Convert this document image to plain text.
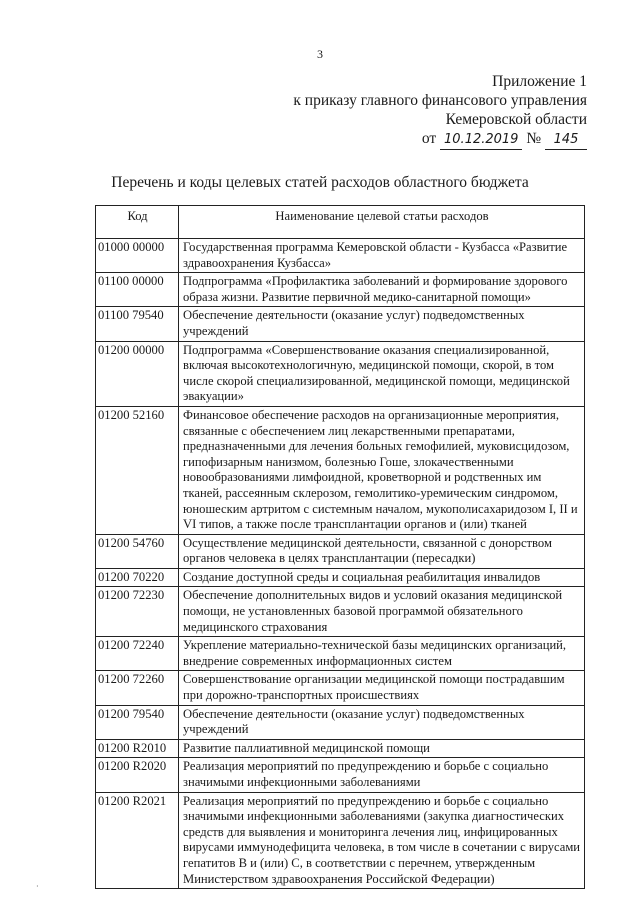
3
Приложение 1
к приказу главного финансового управления
Кемеровской области
от 10.12.2019 № 145
Перечень и коды целевых статей расходов областного бюджета
Код	Наименование целевой статьи расходов
01000 00000	Государственная программа Кемеровской области - Кузбасса «Развитие здравоохранения Кузбасса»
01100 00000	Подпрограмма «Профилактика заболеваний и формирование здорового образа жизни. Развитие первичной медико-санитарной помощи»
01100 79540	Обеспечение деятельности (оказание услуг) подведомственных учреждений
01200 00000	Подпрограмма «Совершенствование оказания специализированной, включая высокотехнологичную, медицинской помощи, скорой, в том числе скорой специализированной, медицинской помощи, медицинской эвакуации»
01200 52160	Финансовое обеспечение расходов на организационные мероприятия, связанные с обеспечением лиц лекарственными препаратами, предназначенными для лечения больных гемофилией, муковисцидозом, гипофизарным нанизмом, болезнью Гоше, злокачественными новообразованиями лимфоидной, кроветворной и родственных им тканей, рассеянным склерозом, гемолитико-уремическим синдромом, юношеским артритом с системным началом, мукополисахаридозом I, II и VI типов, а также после трансплантации органов и (или) тканей
01200 54760	Осуществление медицинской деятельности, связанной с донорством органов человека в целях трансплантации (пересадки)
01200 70220	Создание доступной среды и социальная реабилитация инвалидов
01200 72230	Обеспечение дополнительных видов и условий оказания медицинской помощи, не установленных базовой программой обязательного медицинского страхования
01200 72240	Укрепление материально-технической базы медицинских организаций, внедрение современных информационных систем
01200 72260	Совершенствование организации медицинской помощи пострадавшим при дорожно-транспортных происшествиях
01200 79540	Обеспечение деятельности (оказание услуг) подведомственных учреждений
01200 R2010	Развитие паллиативной медицинской помощи
01200 R2020	Реализация мероприятий по предупреждению и борьбе с социально значимыми инфекционными заболеваниями
01200 R2021	Реализация мероприятий по предупреждению и борьбе с социально значимыми инфекционными заболеваниями (закупка диагностических средств для выявления и мониторинга лечения лиц, инфицированных вирусами иммунодефицита человека, в том числе в сочетании с вирусами гепатитов B и (или) C, в соответствии с перечнем, утвержденным Министерством здравоохранения Российской Федерации)
·
